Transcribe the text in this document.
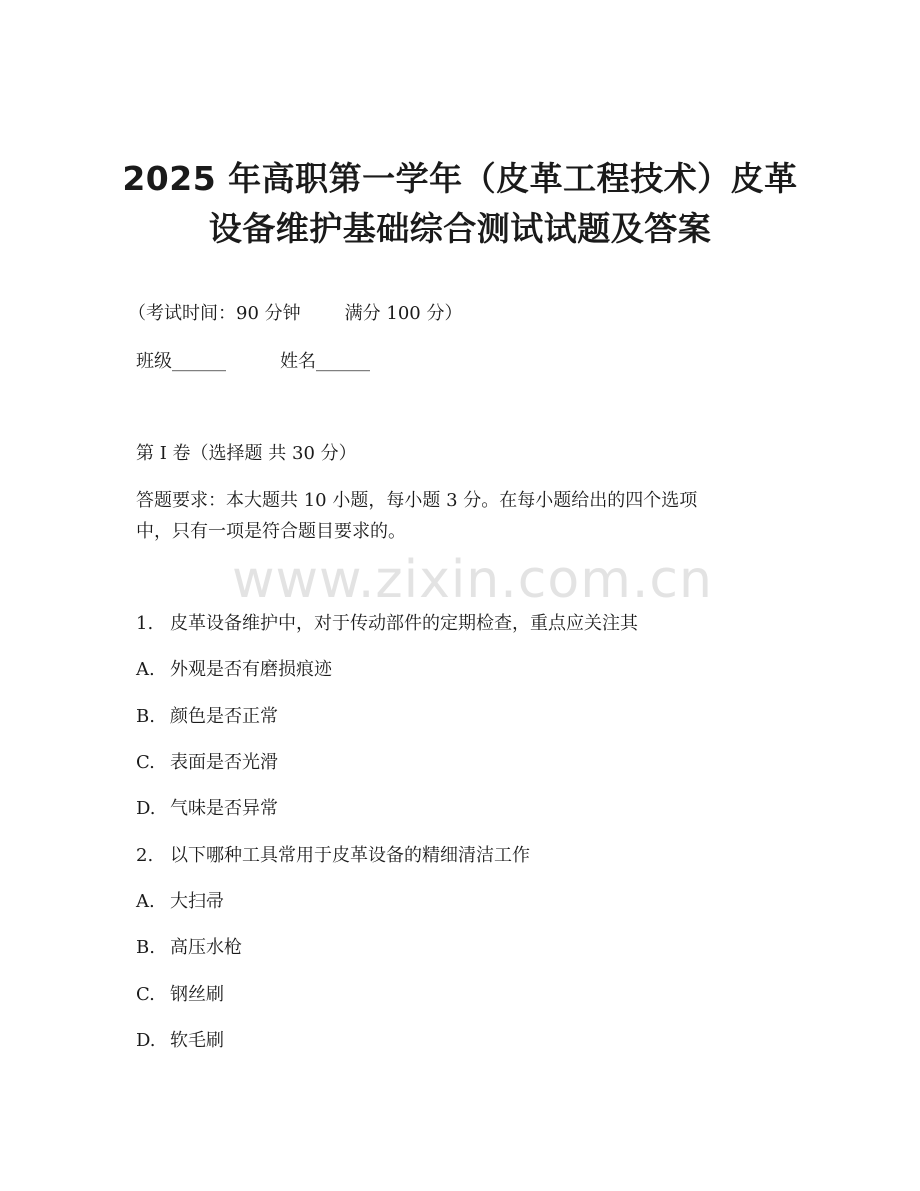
2025 年高职第一学年（皮革工程技术）皮革
设备维护基础综合测试试题及答案
（考试时间：90 分钟 满分 100 分）
班级______	姓名______
第 I 卷（选择题 共 30 分）
答题要求：本大题共 10 小题，每小题 3 分。在每小题给出的四个选项
中，只有一项是符合题目要求的。
www.zixin.com.cn
1. 皮革设备维护中，对于传动部件的定期检查，重点应关注其
A. 外观是否有磨损痕迹
B. 颜色是否正常
C. 表面是否光滑
D. 气味是否异常
2. 以下哪种工具常用于皮革设备的精细清洁工作
A. 大扫帚
B. 高压水枪
C. 钢丝刷
D. 软毛刷
